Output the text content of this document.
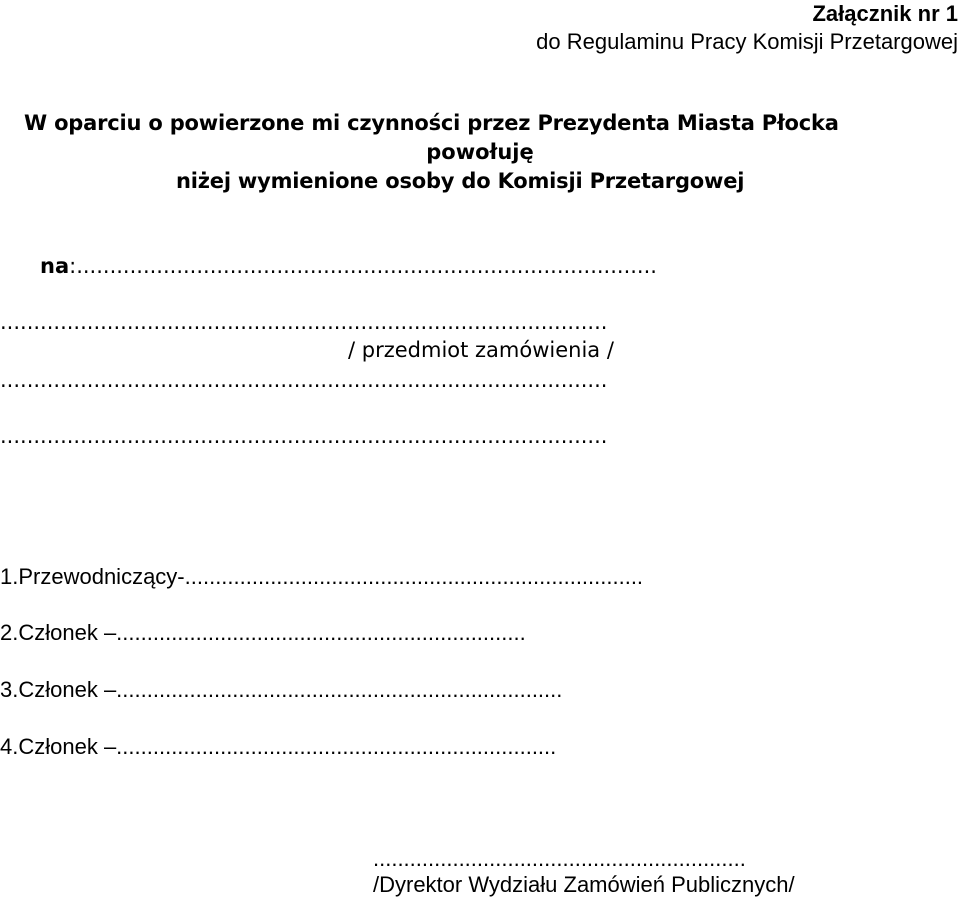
Załącznik nr 1
do Regulaminu Pracy Komisji Przetargowej
W oparciu o powierzone mi czynności przez Prezydenta Miasta Płocka
powołuję
niżej wymienione osoby do Komisji Przetargowej
na:.......................................................................................
...........................................................................................
/ przedmiot zamówienia /
...........................................................................................
...........................................................................................
1.Przewodniczący-...........................................................................
2.Członek –...................................................................
3.Członek –.........................................................................
4.Członek –........................................................................
.............................................................
/Dyrektor Wydziału Zamówień Publicznych/
